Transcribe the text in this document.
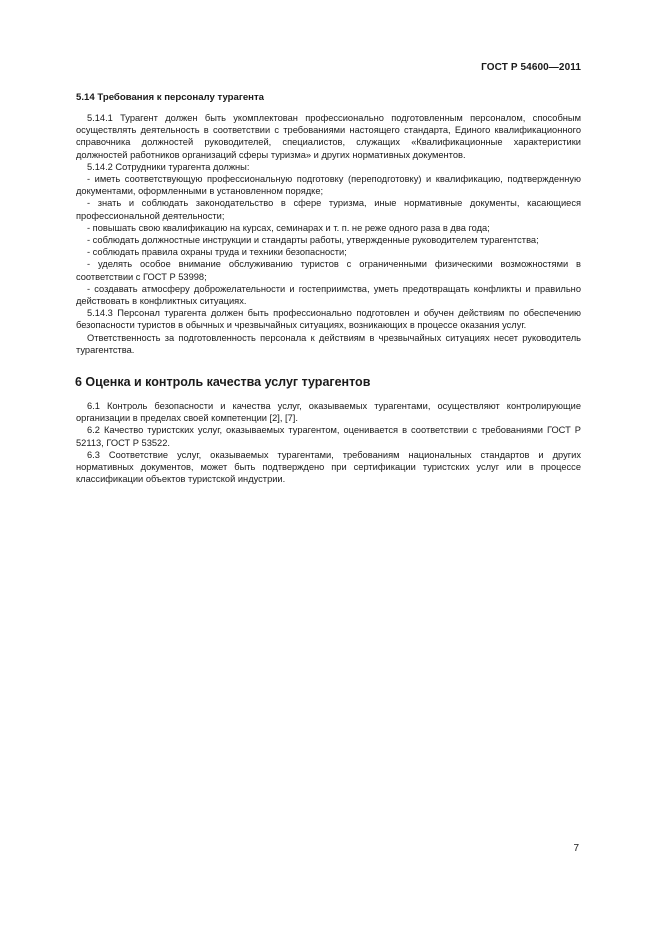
ГОСТ Р 54600—2011
5.14 Требования к персоналу турагента

5.14.1 Турагент должен быть укомплектован профессионально подготовленным персоналом, способным осуществлять деятельность в соответствии с требованиями настоящего стандарта, Единого квалификационного справочника должностей руководителей, специалистов, служащих «Квалификационные характеристики должностей работников организаций сферы туризма» и других нормативных документов.

5.14.2 Сотрудники турагента должны:

- иметь соответствующую профессиональную подготовку (переподготовку) и квалификацию, подтвержденную документами, оформленными в установленном порядке;

- знать и соблюдать законодательство в сфере туризма, иные нормативные документы, касающиеся профессиональной деятельности;

- повышать свою квалификацию на курсах, семинарах и т. п. не реже одного раза в два года;

- соблюдать должностные инструкции и стандарты работы, утвержденные руководителем турагентства;

- соблюдать правила охраны труда и техники безопасности;

- уделять особое внимание обслуживанию туристов с ограниченными физическими возможностями в соответствии с ГОСТ Р 53998;

- создавать атмосферу доброжелательности и гостеприимства, уметь предотвращать конфликты и правильно действовать в конфликтных ситуациях.

5.14.3 Персонал турагента должен быть профессионально подготовлен и обучен действиям по обеспечению безопасности туристов в обычных и чрезвычайных ситуациях, возникающих в процессе оказания услуг.

Ответственность за подготовленность персонала к действиям в чрезвычайных ситуациях несет руководитель турагентства.

6 Оценка и контроль качества услуг турагентов

6.1 Контроль безопасности и качества услуг, оказываемых турагентами, осуществляют контролирующие организации в пределах своей компетенции [2], [7].

6.2 Качество туристских услуг, оказываемых турагентом, оценивается в соответствии с требованиями ГОСТ Р 52113, ГОСТ Р 53522.

6.3 Соответствие услуг, оказываемых турагентами, требованиям национальных стандартов и других нормативных документов, может быть подтверждено при сертификации туристских услуг или в процессе классификации объектов туристской индустрии.

7
